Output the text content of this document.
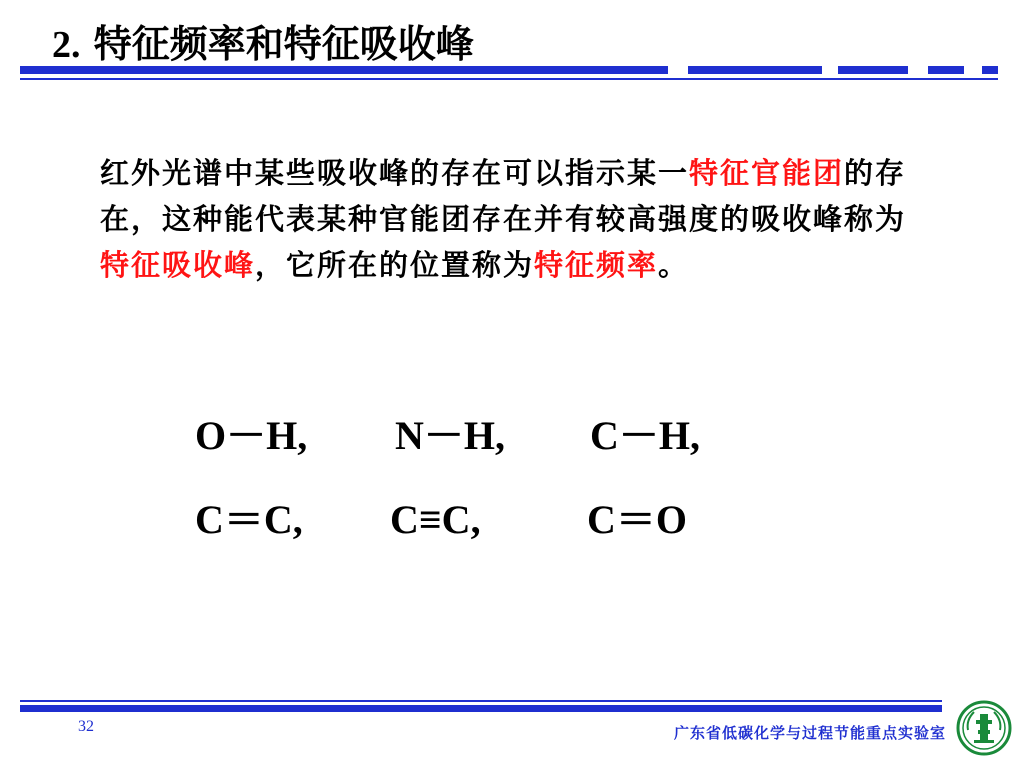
2. 特征频率和特征吸收峰
红外光谱中某些吸收峰的存在可以指示某一特征官能团的存在，这种能代表某种官能团存在并有较高强度的吸收峰称为特征吸收峰，它所在的位置称为特征频率。
O－H, N－H, C－H,
C＝C, C≡C,	C＝O
32	广东省低碳化学与过程节能重点实验室
